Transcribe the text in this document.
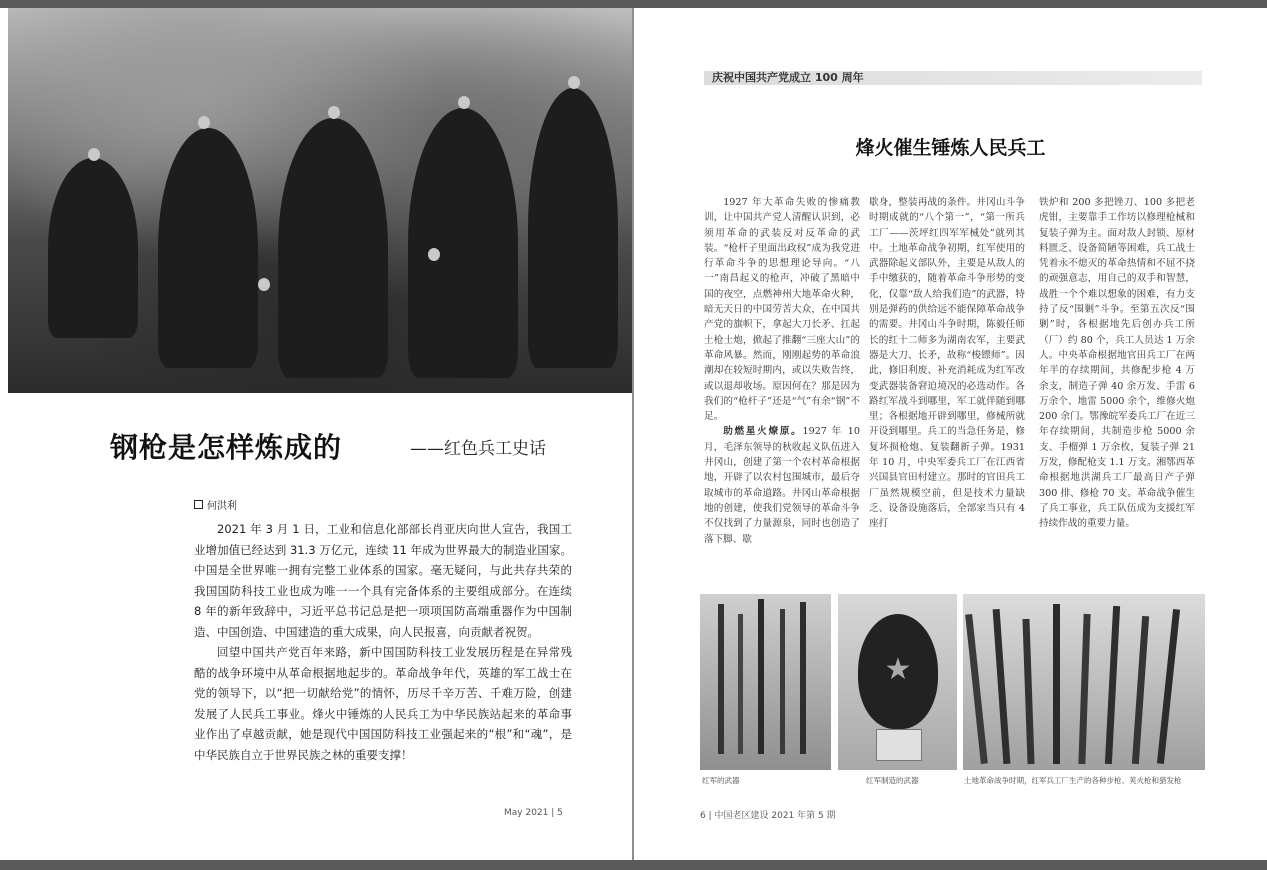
钢枪是怎样炼成的	——红色兵工史话
何洪利

2021 年 3 月 1 日，工业和信息化部部长肖亚庆向世人宣告，我国工业增加值已经达到 31.3 万亿元，连续 11 年成为世界最大的制造业国家。中国是全世界唯一拥有完整工业体系的国家。毫无疑问，与此共存共荣的我国国防科技工业也成为唯一一个具有完备体系的主要组成部分。在连续 8 年的新年致辞中，习近平总书记总是把一项项国防高端重器作为中国制造、中国创造、中国建造的重大成果，向人民报喜，向贡献者祝贺。

回望中国共产党百年来路，新中国国防科技工业发展历程是在异常残酷的战争环境中从革命根据地起步的。革命战争年代，英雄的军工战士在党的领导下，以“把一切献给党”的情怀，历尽千辛万苦、千难万险，创建发展了人民兵工事业。烽火中锤炼的人民兵工为中华民族站起来的革命事业作出了卓越贡献，她是现代中国国防科技工业强起来的“根”和“魂”，是中华民族自立于世界民族之林的重要支撑！

May 2021 | 5
庆祝中国共产党成立 100 周年
烽火催生锤炼人民兵工

1927 年大革命失败的惨痛教训，让中国共产党人清醒认识到，必须用革命的武装反对反革命的武装。“枪杆子里面出政权”成为我党进行革命斗争的思想理论导向。“八一”南昌起义的枪声，冲破了黑暗中国的夜空，点燃神州大地革命火种，暗无天日的中国劳苦大众，在中国共产党的旗帜下，拿起大刀长矛、扛起土枪土炮，掀起了推翻“三座大山”的革命风暴。然而，刚刚起势的革命浪潮却在较短时期内，或以失败告终，或以退却收场。原因何在？那是因为我们的“枪杆子”还是“气”有余“钢”不足。

助燃星火燎原。1927 年 10 月，毛泽东领导的秋收起义队伍进入井冈山，创建了第一个农村革命根据地，开辟了以农村包围城市，最后夺取城市的革命道路。井冈山革命根据地的创建，使我们党领导的革命斗争不仅找到了力量源泉，同时也创造了落下脚、歇

歇身，整装再战的条件。井冈山斗争时期成就的“八个第一”，“第一所兵工厂——茨坪红四军军械处”就列其中。土地革命战争初期，红军使用的武器除起义部队外，主要是从敌人的手中缴获的，随着革命斗争形势的变化，仅靠“敌人给我们造”的武器，特别是弹药的供给远不能保障革命战争的需要。井冈山斗争时期，陈毅任师长的红十二师多为湖南农军，主要武器是大刀、长矛，故称“梭镖师”。因此，修旧利废、补充消耗成为红军改变武器装备窘迫境况的必选动作。各路红军战斗到哪里，军工就伴随到哪里；各根据地开辟到哪里，修械所就开设到哪里。兵工的当急任务是，修复坏损枪炮、复装翻新子弹。1931 年 10 月，中央军委兵工厂在江西省兴国县官田村建立。那时的官田兵工厂虽然规模空前，但是技术力量缺乏、设备设施落后，全部家当只有 4 座打

铁炉和 200 多把锉刀、100 多把老虎钳，主要靠手工作坊以修理枪械和复装子弹为主。面对敌人封锁、原材料匮乏、设备简陋等困难，兵工战士凭着永不熄灭的革命热情和不屈不挠的顽强意志，用自己的双手和智慧，战胜一个个难以想象的困难，有力支持了反“围剿”斗争。至第五次反“围剿”时，各根据地先后创办兵工所（厂）约 80 个，兵工人员达 1 万余人。中央革命根据地官田兵工厂在两年半的存续期间，共修配步枪 4 万余支，制造子弹 40 余万发、手雷 6 万余个、地雷 5000 余个，维修火炮 200 余门。鄂豫皖军委兵工厂在近三年存续期间，共制造步枪 5000 余支、手榴弹 1 万余枚，复装子弹 21 万发，修配枪支 1.1 万支。湘鄂西革命根据地洪湖兵工厂最高日产子弹 300 排、修枪 70 支。革命战争催生了兵工事业，兵工队伍成为支援红军持续作战的重要力量。

★
红军的武器	红军制造的武器	土地革命战争时期，红军兵工厂生产的各种步枪、荚火枪和猎发枪
6 | 中国老区建设 2021 年第 5 期
